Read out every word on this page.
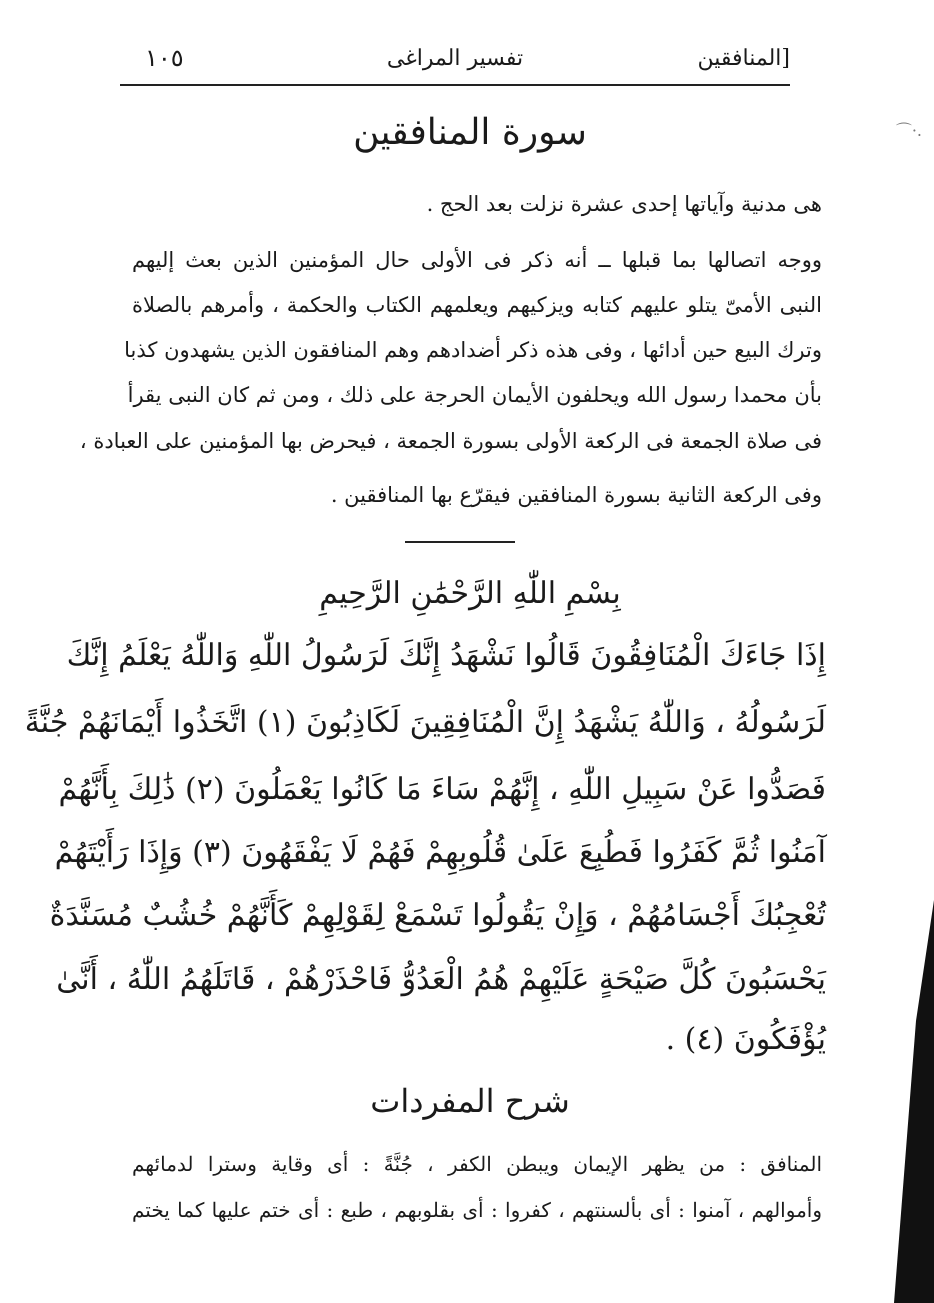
⌒·.
١٠٥	تفسير المراغى	[المنافقين
سورة المنافقين
هى مدنية وآياتها إحدى عشرة نزلت بعد الحج .
ووجه اتصالها بما قبلها ــ أنه ذكر فى الأولى حال المؤمنين الذين بعث إليهم
النبى الأمىّ يتلو عليهم كتابه ويزكيهم ويعلمهم الكتاب والحكمة ، وأمرهم بالصلاة
وترك البيع حين أدائها ، وفى هذه ذكر أضدادهم وهم المنافقون الذين يشهدون كذبا
بأن محمدا رسول الله ويحلفون الأيمان الحرجة على ذلك ، ومن ثم كان النبى يقرأ
فى صلاة الجمعة فى الركعة الأولى بسورة الجمعة ، فيحرض بها المؤمنين على العبادة ،
وفى الركعة الثانية بسورة المنافقين فيقرّع بها المنافقين .
بِسْمِ اللّٰهِ الرَّحْمَٰنِ الرَّحِيمِ
إِذَا جَاءَكَ الْمُنَافِقُونَ قَالُوا نَشْهَدُ إِنَّكَ لَرَسُولُ اللّٰهِ وَاللّٰهُ يَعْلَمُ إِنَّكَ
لَرَسُولُهُ ، وَاللّٰهُ يَشْهَدُ إِنَّ الْمُنَافِقِينَ لَكَاذِبُونَ (١) اتَّخَذُوا أَيْمَانَهُمْ جُنَّةً
فَصَدُّوا عَنْ سَبِيلِ اللّٰهِ ، إِنَّهُمْ سَاءَ مَا كَانُوا يَعْمَلُونَ (٢) ذَٰلِكَ بِأَنَّهُمْ
آمَنُوا ثُمَّ كَفَرُوا فَطُبِعَ عَلَىٰ قُلُوبِهِمْ فَهُمْ لَا يَفْقَهُونَ (٣) وَإِذَا رَأَيْتَهُمْ
تُعْجِبُكَ أَجْسَامُهُمْ ، وَإِنْ يَقُولُوا تَسْمَعْ لِقَوْلِهِمْ كَأَنَّهُمْ خُشُبٌ مُسَنَّدَةٌ
يَحْسَبُونَ كُلَّ صَيْحَةٍ عَلَيْهِمْ هُمُ الْعَدُوُّ فَاحْذَرْهُمْ ، قَاتَلَهُمُ اللّٰهُ ، أَنَّىٰ
يُؤْفَكُونَ (٤) .
شرح المفردات
المنافق : من يظهر الإيمان ويبطن الكفر ، جُنَّةً : أى وقاية وسترا لدمائهم
وأموالهم ، آمنوا : أى بألسنتهم ، كفروا : أى بقلوبهم ، طبع : أى ختم عليها كما يختم
